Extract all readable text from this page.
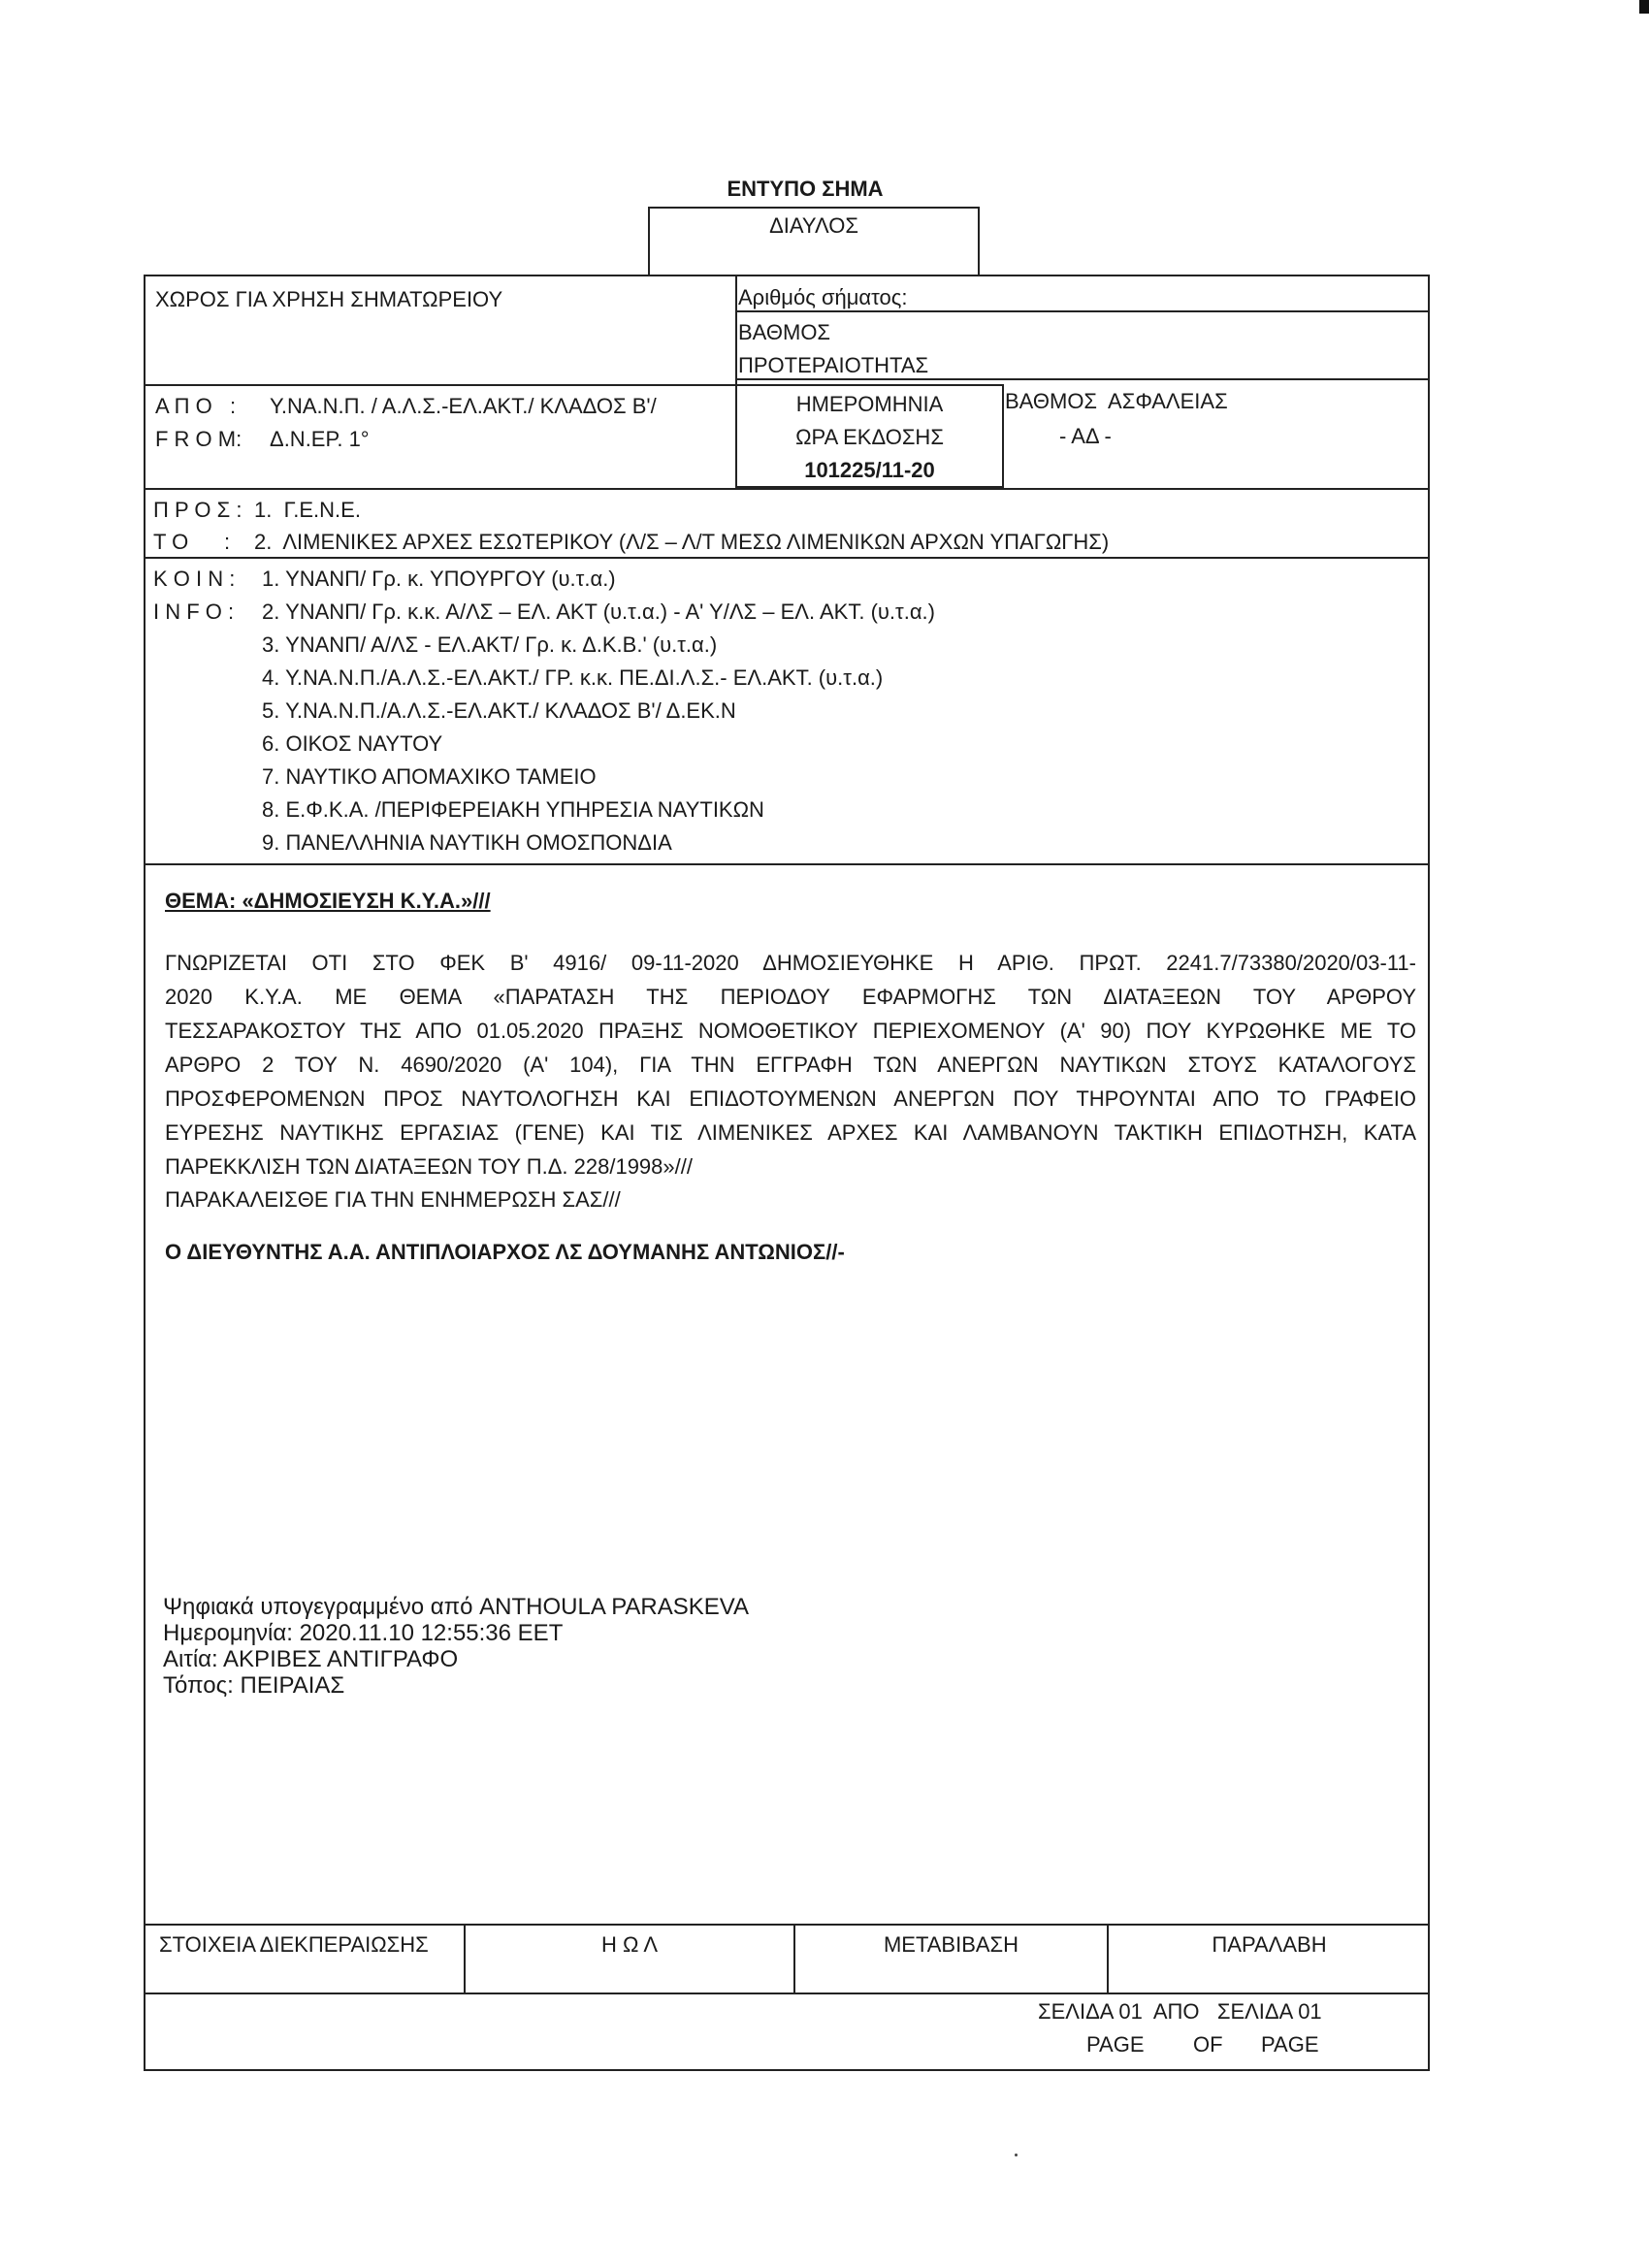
ΕΝΤΥΠΟ ΣΗΜΑ
ΔΙΑΥΛΟΣ
ΧΩΡΟΣ ΓΙΑ ΧΡΗΣΗ ΣΗΜΑΤΩΡΕΙΟΥ	Αριθμός σήματος:
ΒΑΘΜΟΣ
ΠΡΟΤΕΡΑΙΟΤΗΤΑΣ
Α Π Ο   : Υ.ΝΑ.Ν.Π. / Α.Λ.Σ.-ΕΛ.ΑΚΤ./ ΚΛΑΔΟΣ Β'/
F R O M: Δ.Ν.ΕΡ. 1°
ΗΜΕΡΟΜΗΝΙΑ
ΩΡΑ ΕΚΔΟΣΗΣ
101225/11-20
ΒΑΘΜΟΣ  ΑΣΦΑΛΕΙΑΣ
- ΑΔ -
Π Ρ Ο Σ : 1.  Γ.Ε.Ν.Ε.
T O      : 2.  ΛΙΜΕΝΙΚΕΣ ΑΡΧΕΣ ΕΣΩΤΕΡΙΚΟΥ (Λ/Σ – Λ/Τ ΜΕΣΩ ΛΙΜΕΝΙΚΩΝ ΑΡΧΩΝ ΥΠΑΓΩΓΗΣ)
Κ Ο Ι Ν :
I N F O :
1. ΥΝΑΝΠ/ Γρ. κ. ΥΠΟΥΡΓΟΥ (υ.τ.α.)
2. ΥΝΑΝΠ/ Γρ. κ.κ. Α/ΛΣ – ΕΛ. ΑΚΤ (υ.τ.α.) - Α' Υ/ΛΣ – ΕΛ. ΑΚΤ. (υ.τ.α.)
3. ΥΝΑΝΠ/ Α/ΛΣ - ΕΛ.ΑΚΤ/ Γρ. κ. Δ.Κ.Β.' (υ.τ.α.)
4. Υ.ΝΑ.Ν.Π./Α.Λ.Σ.-ΕΛ.ΑΚΤ./ ΓΡ. κ.κ. ΠΕ.ΔΙ.Λ.Σ.- ΕΛ.ΑΚΤ. (υ.τ.α.)
5. Υ.ΝΑ.Ν.Π./Α.Λ.Σ.-ΕΛ.ΑΚΤ./ ΚΛΑΔΟΣ Β'/ Δ.ΕΚ.Ν
6. ΟΙΚΟΣ ΝΑΥΤΟΥ
7. ΝΑΥΤΙΚΟ ΑΠΟΜΑΧΙΚΟ ΤΑΜΕΙΟ
8. Ε.Φ.Κ.Α. /ΠΕΡΙΦΕΡΕΙΑΚΗ ΥΠΗΡΕΣΙΑ ΝΑΥΤΙΚΩΝ
9. ΠΑΝΕΛΛΗΝΙΑ ΝΑΥΤΙΚΗ ΟΜΟΣΠΟΝΔΙΑ
ΘΕΜΑ: «ΔΗΜΟΣΙΕΥΣΗ Κ.Υ.Α.»///
ΓΝΩΡΙΖΕΤΑΙ ΟΤΙ ΣΤΟ ΦΕΚ Β' 4916/ 09-11-2020 ΔΗΜΟΣΙΕΥΘΗΚΕ Η ΑΡΙΘ. ΠΡΩΤ. 2241.7/73380/2020/03-11-
2020 Κ.Υ.Α. ΜΕ ΘΕΜΑ «ΠΑΡΑΤΑΣΗ ΤΗΣ ΠΕΡΙΟΔΟΥ ΕΦΑΡΜΟΓΗΣ ΤΩΝ ΔΙΑΤΑΞΕΩΝ ΤΟΥ ΑΡΘΡΟΥ
ΤΕΣΣΑΡΑΚΟΣΤΟΥ ΤΗΣ ΑΠΟ 01.05.2020 ΠΡΑΞΗΣ ΝΟΜΟΘΕΤΙΚΟΥ ΠΕΡΙΕΧΟΜΕΝΟΥ (Α' 90) ΠΟΥ ΚΥΡΩΘΗΚΕ ΜΕ ΤΟ
ΑΡΘΡΟ 2 ΤΟΥ Ν. 4690/2020 (Α' 104), ΓΙΑ ΤΗΝ ΕΓΓΡΑΦΗ ΤΩΝ ΑΝΕΡΓΩΝ ΝΑΥΤΙΚΩΝ ΣΤΟΥΣ ΚΑΤΑΛΟΓΟΥΣ
ΠΡΟΣΦΕΡΟΜΕΝΩΝ ΠΡΟΣ ΝΑΥΤΟΛΟΓΗΣΗ ΚΑΙ ΕΠΙΔΟΤΟΥΜΕΝΩΝ ΑΝΕΡΓΩΝ ΠΟΥ ΤΗΡΟΥΝΤΑΙ ΑΠΟ ΤΟ ΓΡΑΦΕΙΟ
ΕΥΡΕΣΗΣ ΝΑΥΤΙΚΗΣ ΕΡΓΑΣΙΑΣ (ΓΕΝΕ) ΚΑΙ ΤΙΣ ΛΙΜΕΝΙΚΕΣ ΑΡΧΕΣ ΚΑΙ ΛΑΜΒΑΝΟΥΝ ΤΑΚΤΙΚΗ ΕΠΙΔΟΤΗΣΗ, ΚΑΤΑ
ΠΑΡΕΚΚΛΙΣΗ ΤΩΝ ΔΙΑΤΑΞΕΩΝ ΤΟΥ Π.Δ. 228/1998»///
ΠΑΡΑΚΑΛΕΙΣΘΕ ΓΙΑ ΤΗΝ ΕΝΗΜΕΡΩΣΗ ΣΑΣ///
Ο ΔΙΕΥΘΥΝΤΗΣ Α.Α. ΑΝΤΙΠΛΟΙΑΡΧΟΣ ΛΣ ΔΟΥΜΑΝΗΣ ΑΝΤΩΝΙΟΣ//-
Ψηφιακά υπογεγραμμένο από ANTHOULA PARASKEVA
Ημερομηνία: 2020.11.10 12:55:36 EET
Αιτία: ΑΚΡΙΒΕΣ ΑΝΤΙΓΡΑΦΟ
Τόπος: ΠΕΙΡΑΙΑΣ
ΣΤΟΙΧΕΙΑ ΔΙΕΚΠΕΡΑΙΩΣΗΣ	Η Ω Λ	ΜΕΤΑΒΙΒΑΣΗ	ΠΑΡΑΛΑΒΗ
ΣΕΛΙΔΑ 01  ΑΠΟ   ΣΕΛΙΔΑ 01
PAGE OF PAGE
